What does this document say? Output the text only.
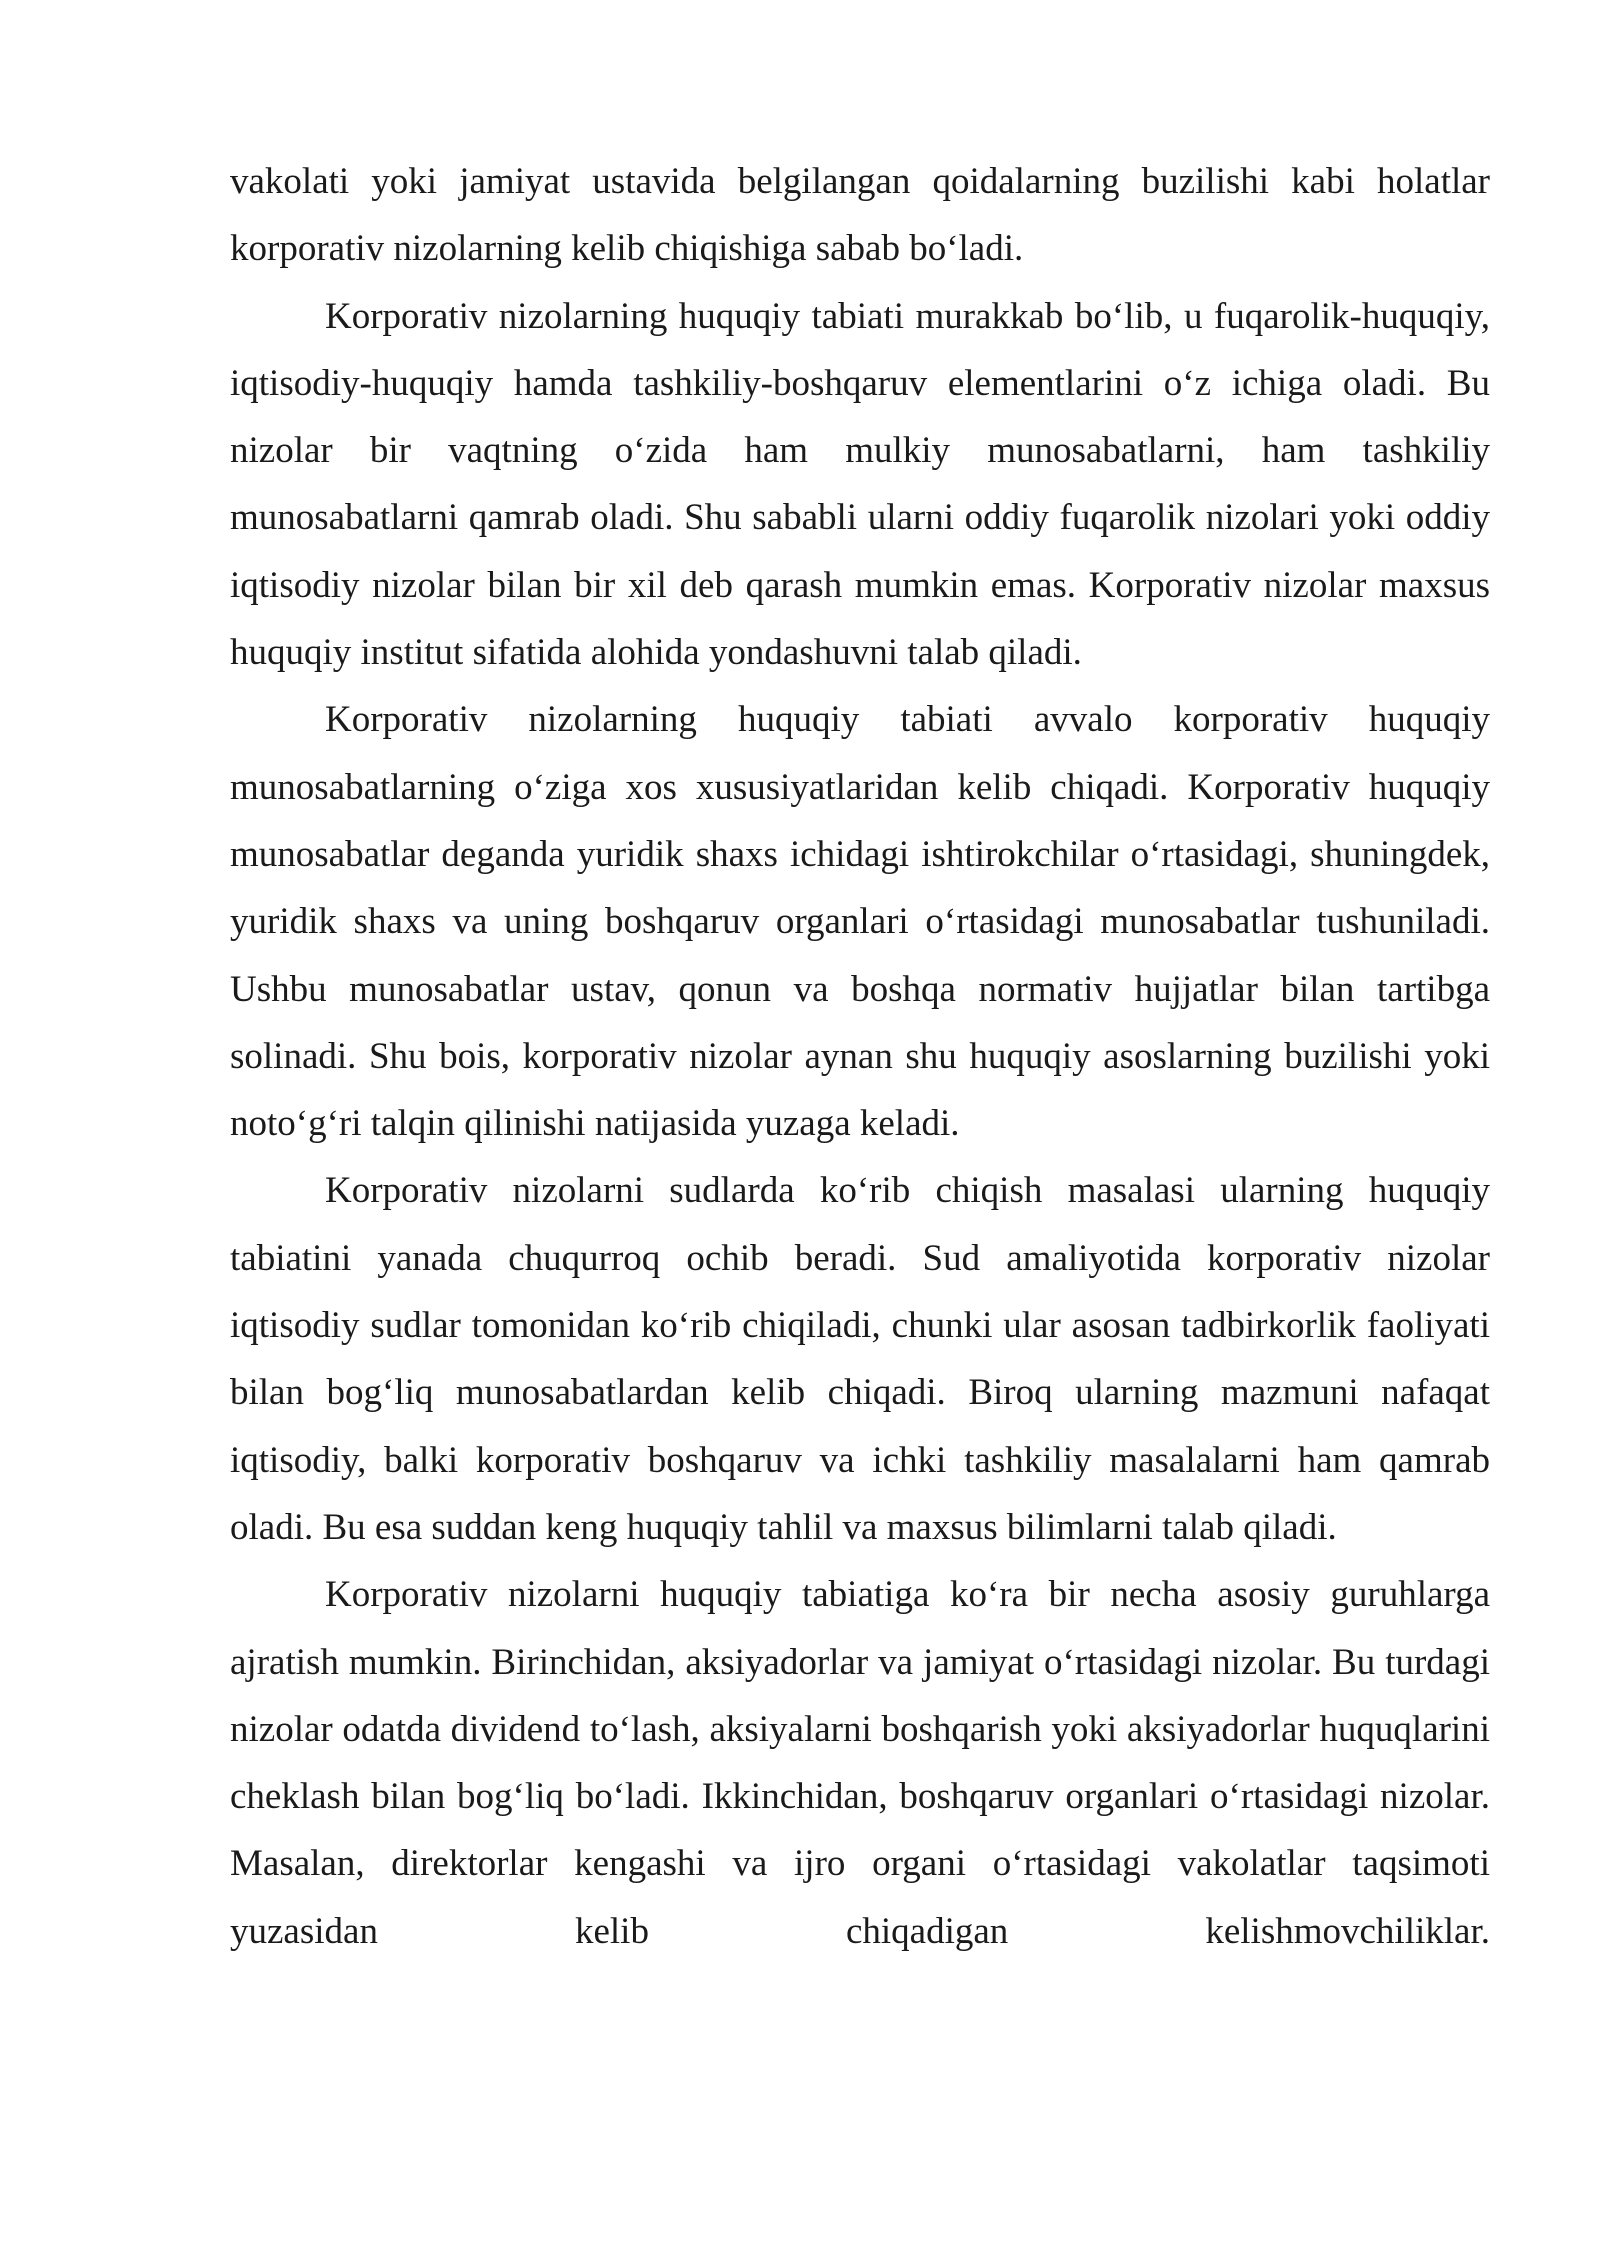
vakolati yoki jamiyat ustavida belgilangan qoidalarning buzilishi kabi holatlar korporativ nizolarning kelib chiqishiga sabab bo‘ladi.

Korporativ nizolarning huquqiy tabiati murakkab bo‘lib, u fuqarolik-huquqiy, iqtisodiy-huquqiy hamda tashkiliy-boshqaruv elementlarini o‘z ichiga oladi. Bu nizolar bir vaqtning o‘zida ham mulkiy munosabatlarni, ham tashkiliy munosabatlarni qamrab oladi. Shu sababli ularni oddiy fuqarolik nizolari yoki oddiy iqtisodiy nizolar bilan bir xil deb qarash mumkin emas. Korporativ nizolar maxsus huquqiy institut sifatida alohida yondashuvni talab qiladi.

Korporativ nizolarning huquqiy tabiati avvalo korporativ huquqiy munosabatlarning o‘ziga xos xususiyatlaridan kelib chiqadi. Korporativ huquqiy munosabatlar deganda yuridik shaxs ichidagi ishtirokchilar o‘rtasidagi, shuningdek, yuridik shaxs va uning boshqaruv organlari o‘rtasidagi munosabatlar tushuniladi. Ushbu munosabatlar ustav, qonun va boshqa normativ hujjatlar bilan tartibga solinadi. Shu bois, korporativ nizolar aynan shu huquqiy asoslarning buzilishi yoki noto‘g‘ri talqin qilinishi natijasida yuzaga keladi.

Korporativ nizolarni sudlarda ko‘rib chiqish masalasi ularning huquqiy tabiatini yanada chuqurroq ochib beradi. Sud amaliyotida korporativ nizolar iqtisodiy sudlar tomonidan ko‘rib chiqiladi, chunki ular asosan tadbirkorlik faoliyati bilan bog‘liq munosabatlardan kelib chiqadi. Biroq ularning mazmuni nafaqat iqtisodiy, balki korporativ boshqaruv va ichki tashkiliy masalalarni ham qamrab oladi. Bu esa suddan keng huquqiy tahlil va maxsus bilimlarni talab qiladi.

Korporativ nizolarni huquqiy tabiatiga ko‘ra bir necha asosiy guruhlarga ajratish mumkin. Birinchidan, aksiyadorlar va jamiyat o‘rtasidagi nizolar. Bu turdagi nizolar odatda dividend to‘lash, aksiyalarni boshqarish yoki aksiyadorlar huquqlarini cheklash bilan bog‘liq bo‘ladi. Ikkinchidan, boshqaruv organlari o‘rtasidagi nizolar. Masalan, direktorlar kengashi va ijro organi o‘rtasidagi vakolatlar taqsimoti yuzasidan kelib chiqadigan kelishmovchiliklar.
